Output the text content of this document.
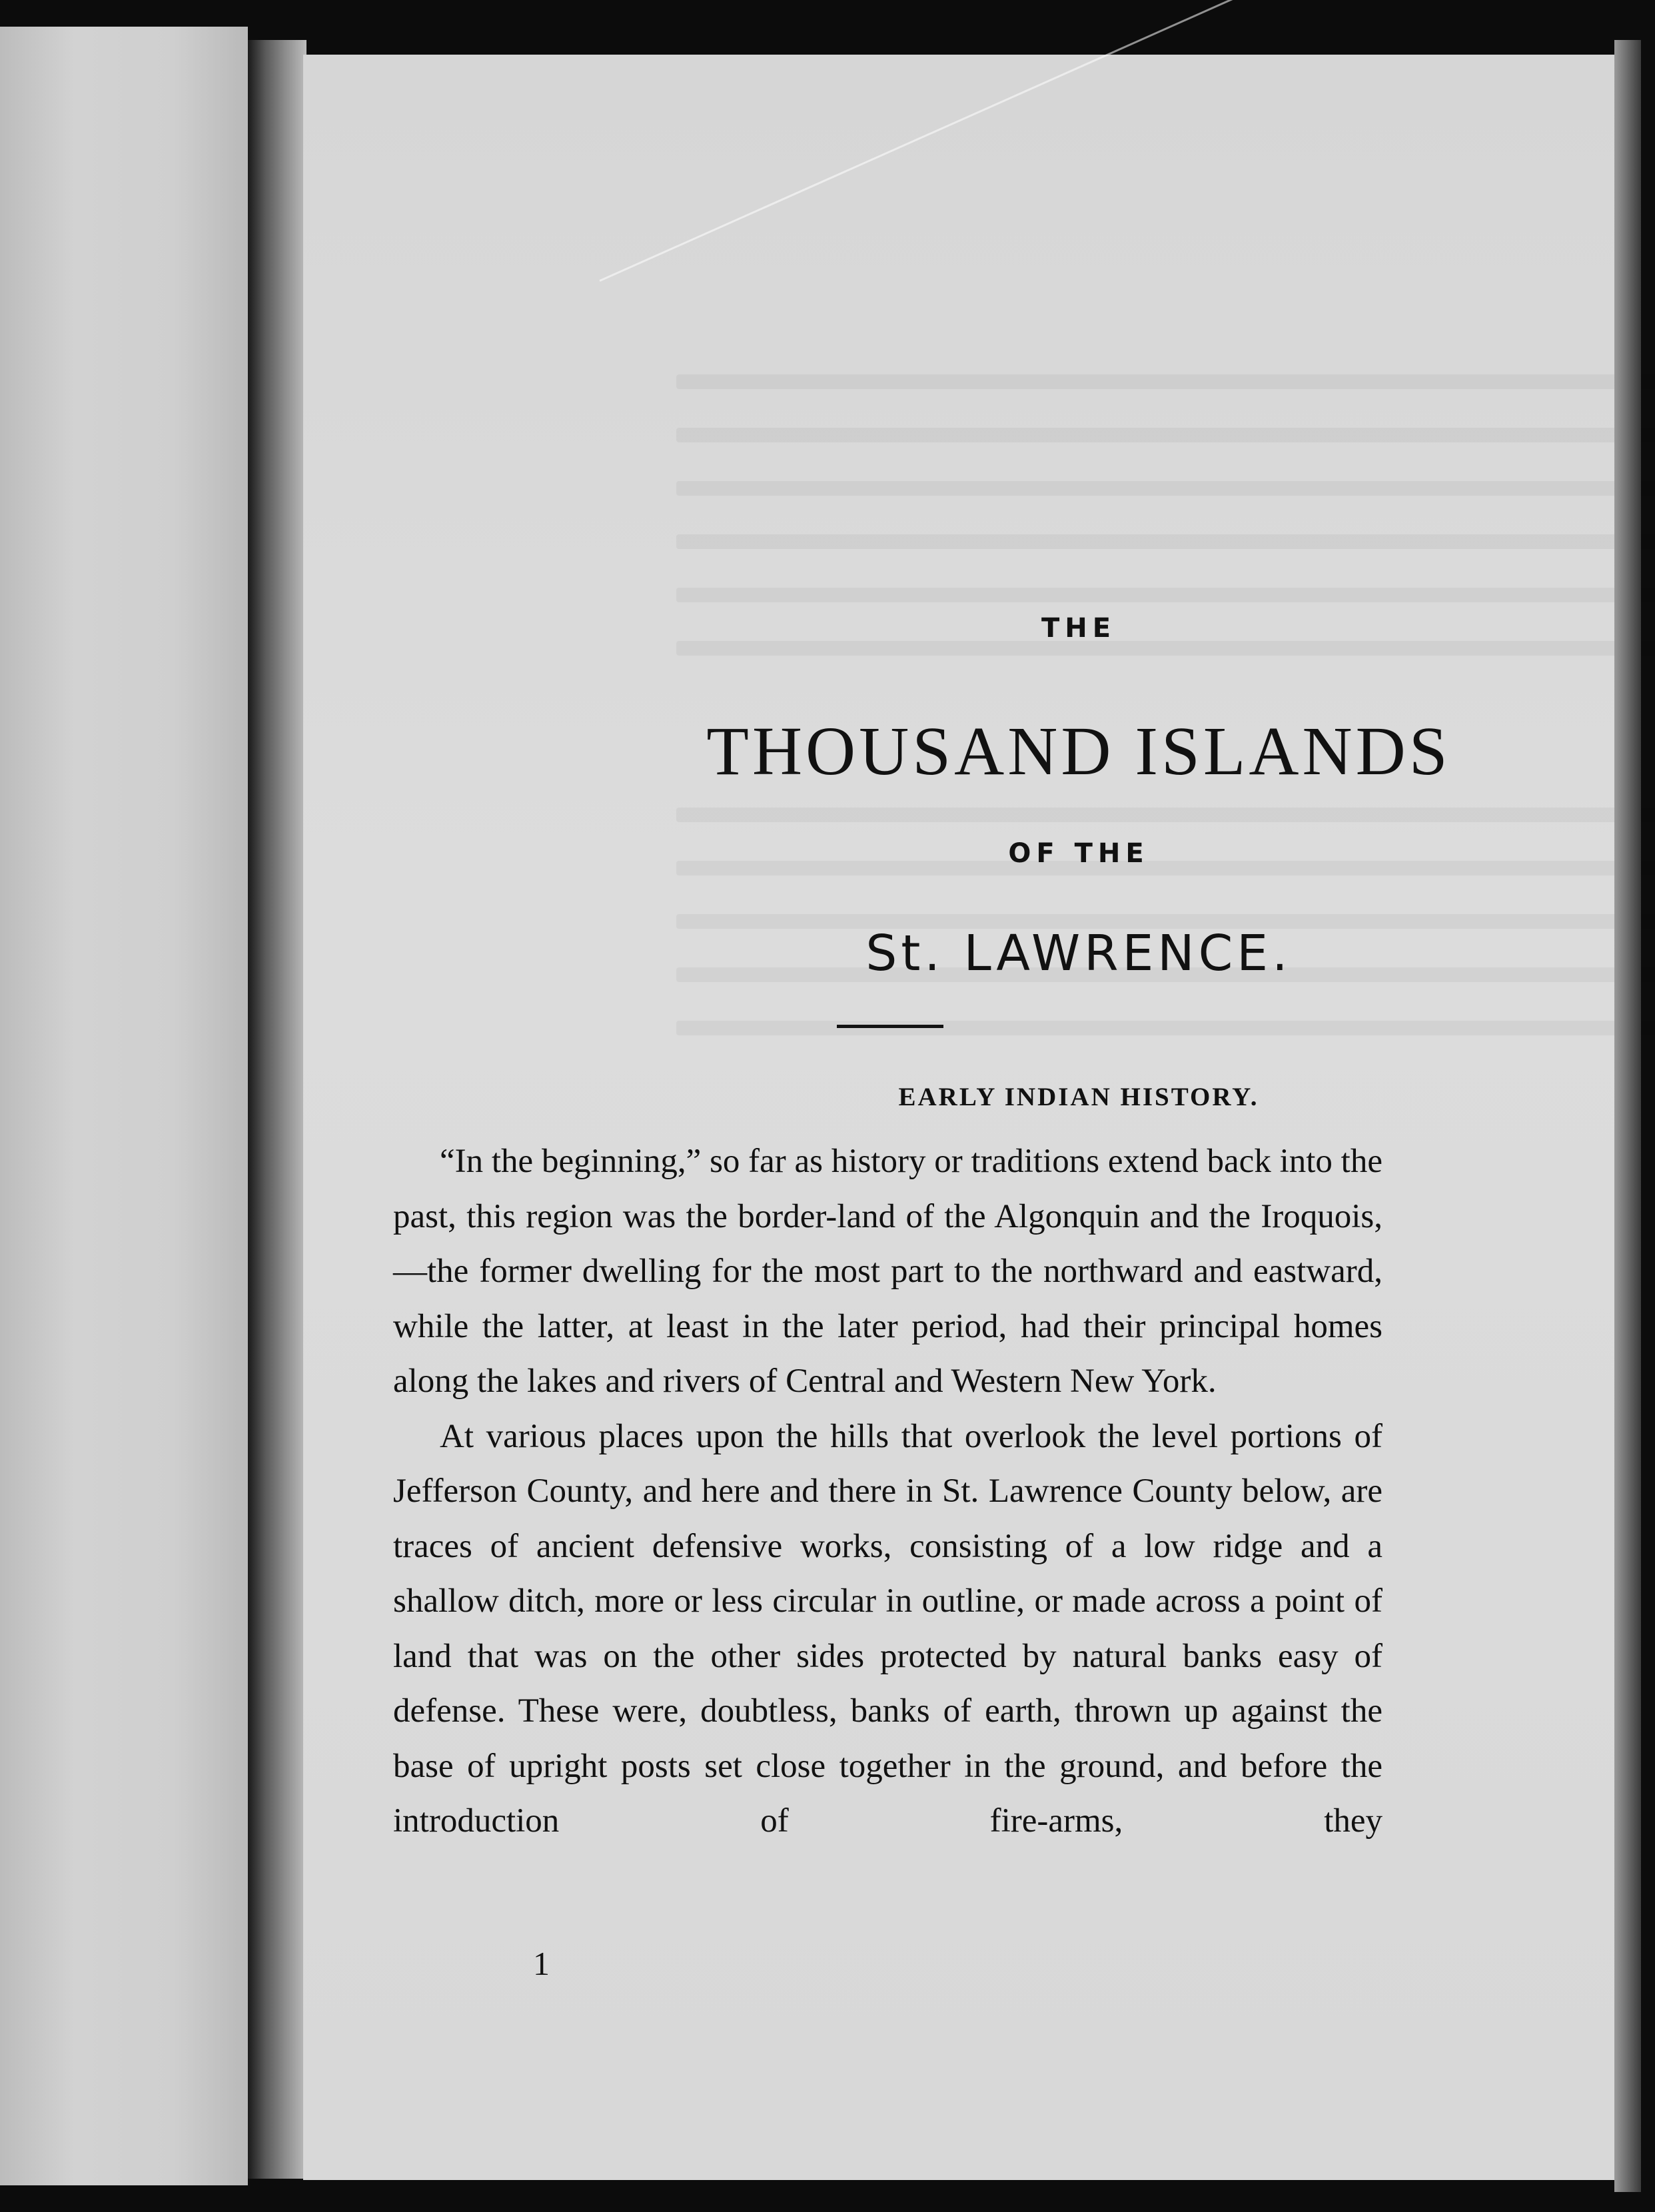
THE
THOUSAND ISLANDS
OF THE
St. LAWRENCE.
EARLY INDIAN HISTORY.

“In the beginning,” so far as history or traditions extend back into the past, this region was the border-land of the Algonquin and the Iroquois,—the former dwelling for the most part to the northward and eastward, while the latter, at least in the later period, had their principal homes along the lakes and rivers of Central and Western New York.

At various places upon the hills that overlook the level portions of Jefferson County, and here and there in St. Lawrence County below, are traces of ancient defensive works, consisting of a low ridge and a shallow ditch, more or less circular in outline, or made across a point of land that was on the other sides protected by natural banks easy of defense. These were, doubtless, banks of earth, thrown up against the base of upright posts set close together in the ground, and before the introduction of fire-arms, they

1
